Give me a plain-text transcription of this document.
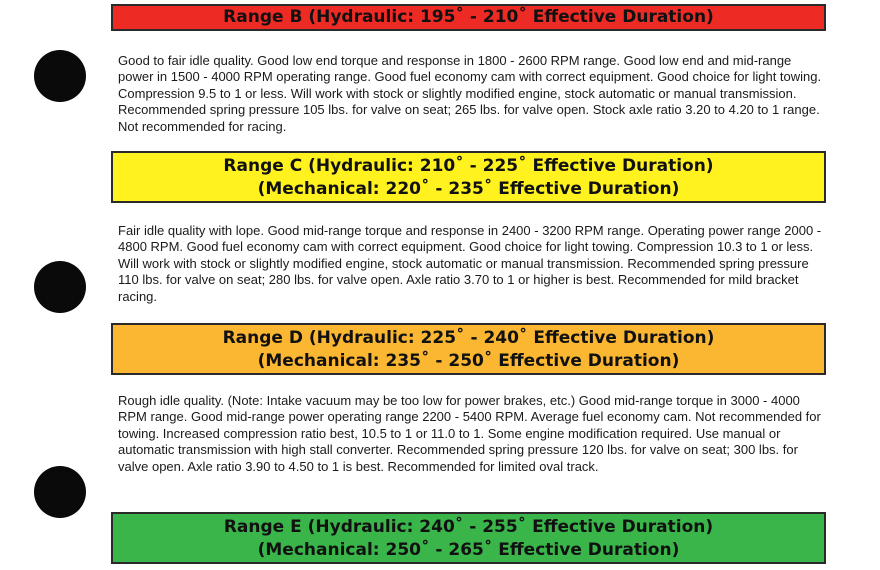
Range B (Hydraulic: 195˚ - 210˚ Effective Duration)

Good to fair idle quality. Good low end torque and response in 1800 - 2600 RPM range. Good low end and mid-range power in 1500 - 4000 RPM operating range. Good fuel economy cam with correct equipment. Good choice for light towing. Compression 9.5 to 1 or less. Will work with stock or slightly modified engine, stock automatic or manual transmission. Recommended spring pressure 105 lbs. for valve on seat; 265 lbs. for valve open. Stock axle ratio 3.20 to 4.20 to 1 range. Not recommended for racing.

Range C (Hydraulic: 210˚ - 225˚ Effective Duration)
(Mechanical: 220˚ - 235˚ Effective Duration)

Fair idle quality with lope. Good mid-range torque and response in 2400 - 3200 RPM range. Operating power range 2000 - 4800 RPM. Good fuel economy cam with correct equipment. Good choice for light towing. Compression 10.3 to 1 or less. Will work with stock or slightly modified engine, stock automatic or manual transmission. Recommended spring pressure 110 lbs. for valve on seat; 280 lbs. for valve open. Axle ratio 3.70 to 1 or higher is best. Recommended for mild bracket racing.

Range D (Hydraulic: 225˚ - 240˚ Effective Duration)
(Mechanical: 235˚ - 250˚ Effective Duration)

Rough idle quality. (Note: Intake vacuum may be too low for power brakes, etc.) Good mid-range torque in 3000 - 4000 RPM range. Good mid-range power operating range 2200 - 5400 RPM. Average fuel economy cam. Not recommended for towing. Increased compression ratio best, 10.5 to 1 or 11.0 to 1. Some engine modification required. Use manual or automatic transmission with high stall converter. Recommended spring pressure 120 lbs. for valve on seat; 300 lbs. for valve open. Axle ratio 3.90 to 4.50 to 1 is best. Recommended for limited oval track.

Range E (Hydraulic: 240˚ - 255˚ Effective Duration)
(Mechanical: 250˚ - 265˚ Effective Duration)
